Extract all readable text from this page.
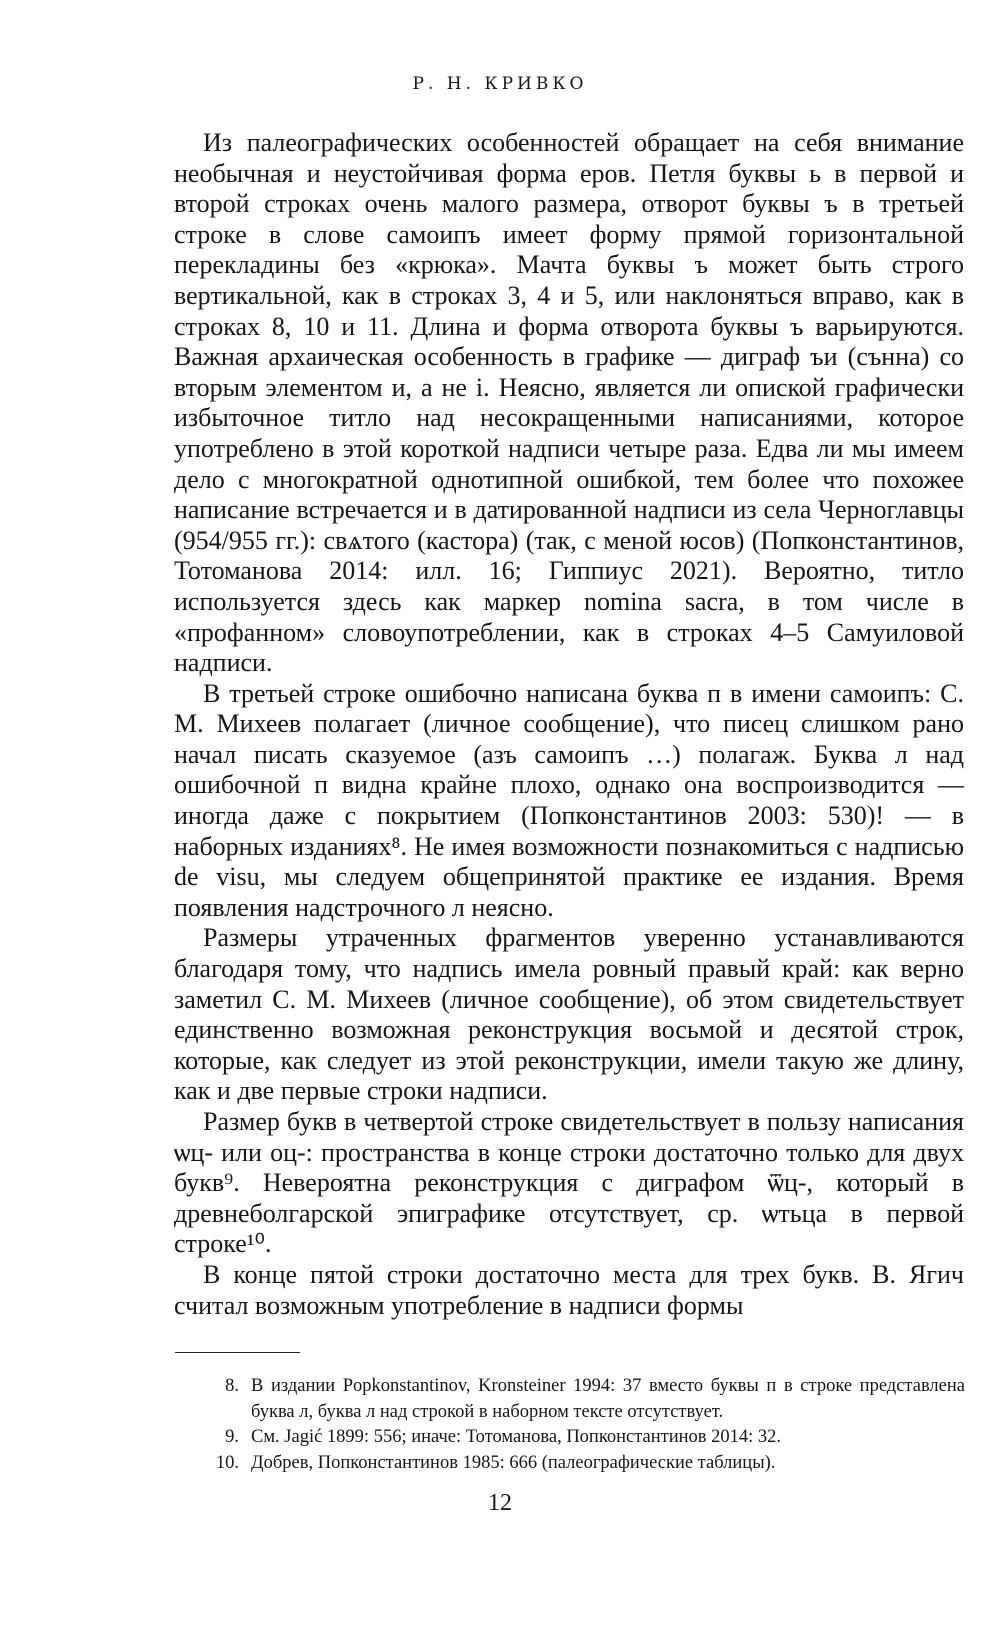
Р. Н. КРИВКО

Из палеографических особенностей обращает на себя внимание необычная и неустойчивая форма еров. Петля буквы ь в первой и второй строках очень малого размера, отворот буквы ъ в третьей строке в слове самоипъ имеет форму прямой горизонтальной перекладины без «крюка». Мачта буквы ъ может быть строго вертикальной, как в строках 3, 4 и 5, или наклоняться вправо, как в строках 8, 10 и 11. Длина и форма отворота буквы ъ варьируются. Важная архаическая особенность в графике — диграф ъи (сънна) со вторым элементом и, а не і. Неясно, является ли опиской графически избыточное титло над несокращенными написаниями, которое употреблено в этой короткой надписи четыре раза. Едва ли мы имеем дело с многократной однотипной ошибкой, тем более что похожее написание встречается и в датированной надписи из села Черноглавцы (954/955 гг.): свѧтого (кастора) (так, с меной юсов) (Попконстантинов, Тотоманова 2014: илл. 16; Гиппиус 2021). Вероятно, титло используется здесь как маркер nomina sacra, в том числе в «профанном» словоупотреблении, как в строках 4–5 Самуиловой надписи.

В третьей строке ошибочно написана буква п в имени самоипъ: С. М. Михеев полагает (личное сообщение), что писец слишком рано начал писать сказуемое (азъ самоипъ …) полагаж. Буква л над ошибочной п видна крайне плохо, однако она воспроизводится — иногда даже с покрытием (Попконстантинов 2003: 530)! — в наборных изданиях⁸. Не имея возможности познакомиться с надписью de visu, мы следуем общепринятой практике ее издания. Время появления надстрочного л неясно.

Размеры утраченных фрагментов уверенно устанавливаются благодаря тому, что надпись имела ровный правый край: как верно заметил С. М. Михеев (личное сообщение), об этом свидетельствует единственно возможная реконструкция восьмой и десятой строк, которые, как следует из этой реконструкции, имели такую же длину, как и две первые строки надписи.

Размер букв в четвертой строке свидетельствует в пользу написания ѡц- или оц-: пространства в конце строки достаточно только для двух букв⁹. Невероятна реконструкция с диграфом ѿц-, который в древнеболгарской эпиграфике отсутствует, ср. ѡтьца в первой строке¹⁰.

В конце пятой строки достаточно места для трех букв. В. Ягич считал возможным употребление в надписи формы

8. В издании Popkonstantinov, Kronsteiner 1994: 37 вместо буквы п в строке представлена буква л, буква л над строкой в наборном тексте отсутствует.
9. См. Jagić 1899: 556; иначе: Тотоманова, Попконстантинов 2014: 32.
10. Добрев, Попконстантинов 1985: 666 (палеографические таблицы).
12
